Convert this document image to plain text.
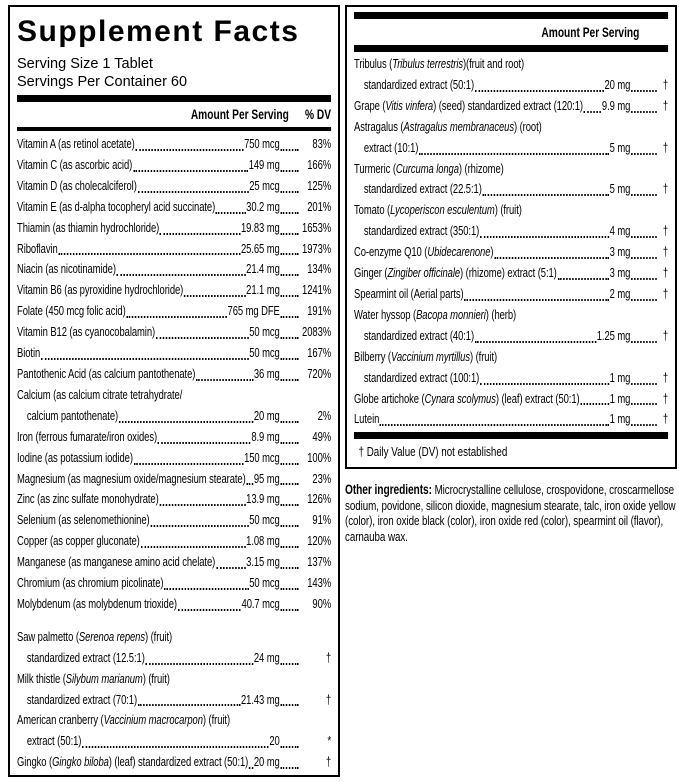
Supplement Facts
Serving Size 1 Tablet
Servings Per Container 60
Amount Per Serving	% DV
Vitamin A (as retinol acetate)	750 mcg	83%
Vitamin C (as ascorbic acid)	149 mg	166%
Vitamin D (as cholecalciferol)	25 mcg	125%
Vitamin E (as d-alpha tocopheryl acid succinate) 30.2 mg	201%
Thiamin (as thiamin hydrochloride)	19.83 mg 1653%
Riboflavin	25.65 mg 1973%
Niacin (as nicotinamide)	21.4 mg	134%
Vitamin B6 (as pyroxidine hydrochloride)	21.1 mg 1241%
Folate (450 mcg folic acid)	765 mg DFE	191%
Vitamin B12 (as cyanocobalamin)	50 mcg 2083%
Biotin	50 mcg	167%
Pantothenic Acid (as calcium pantothenate)	36 mg	720%
Calcium (as calcium citrate tetrahydrate/
calcium pantothenate)	20 mg	2%
Iron (ferrous fumarate/iron oxides)	8.9 mg	49%
Iodine (as potassium iodide)	150 mcg	100%
Magnesium (as magnesium oxide/magnesium stearate) 95 mg	23%
Zinc (as zinc sulfate monohydrate)	13.9 mg	126%
Selenium (as selenomethionine)	50 mcg	91%
Copper (as copper gluconate)	1.08 mg	120%
Manganese (as manganese amino acid chelate) 3.15 mg	137%
Chromium (as chromium picolinate)	50 mcg	143%
Molybdenum (as molybdenum trioxide)	40.7 mcg	90%
Saw palmetto (Serenoa repens) (fruit)
standardized extract (12.5:1)	24 mg	†
Milk thistle (Silybum marianum) (fruit)
standardized extract (70:1)	21.43 mg	†
American cranberry (Vaccinium macrocarpon) (fruit)
extract (50:1)	20	*
Gingko (Gingko biloba) (leaf) standardized extract (50:1) 20 mg	†
Amount Per Serving
Tribulus (Tribulus terrestris)(fruit and root)
standardized extract (50:1)	20 mg	†
Grape (Vitis vinfera) (seed) standardized extract (120:1) 9.9 mg	†
Astragalus (Astragalus membranaceus) (root)
extract (10:1)	5 mg	†
Turmeric (Curcuma longa) (rhizome)
standardized extract (22.5:1)	5 mg	†
Tomato (Lycoperiscon esculentum) (fruit)
standardized extract (350:1)	4 mg	†
Co-enzyme Q10 (Ubidecarenone)	3 mg	†
Ginger (Zingiber officinale) (rhizome) extract (5:1)	3 mg	†
Spearmint oil (Aerial parts)	2 mg	†
Water hyssop (Bacopa monnieri) (herb)
standardized extract (40:1)	1.25 mg	†
Bilberry (Vaccinium myrtillus) (fruit)
standardized extract (100:1)	1 mg	†
Globe artichoke (Cynara scolymus) (leaf) extract (50:1) 1 mg	†
Lutein	1 mg	†
† Daily Value (DV) not established
Other ingredients: Microcrystalline cellulose, crospovidone, croscarmellose sodium, povidone, silicon dioxide, magnesium stearate, talc, iron oxide yellow (color), iron oxide black (color), iron oxide red (color), spearmint oil (flavor), carnauba wax.
